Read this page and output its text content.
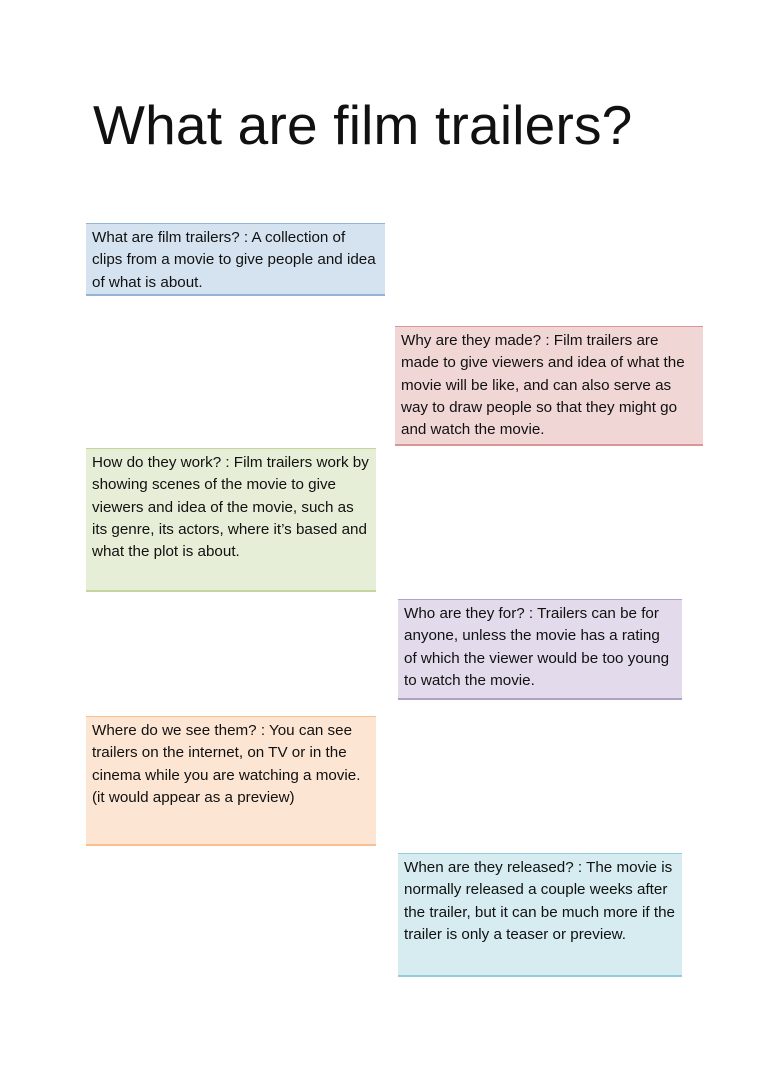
What are film trailers?
What are film trailers? : A collection of clips from a movie to give people and idea of what is about.
Why are they made? : Film trailers are made to give viewers and idea of what the movie will be like, and can also serve as way to draw people so that they might go and watch the movie.
How do they work? : Film trailers work by showing scenes of the movie to give viewers and idea of the movie, such as its genre, its actors, where it’s based and what the plot is about.
Who are they for? : Trailers can be for anyone, unless the movie has a rating of which the viewer would be too young to watch the movie.
Where do we see them? : You can see trailers on the internet, on TV or in the cinema while you are watching a movie. (it would appear as a preview)
When are they released? : The movie is normally released a couple weeks after the trailer, but it can be much more if the trailer is only a teaser or preview.
